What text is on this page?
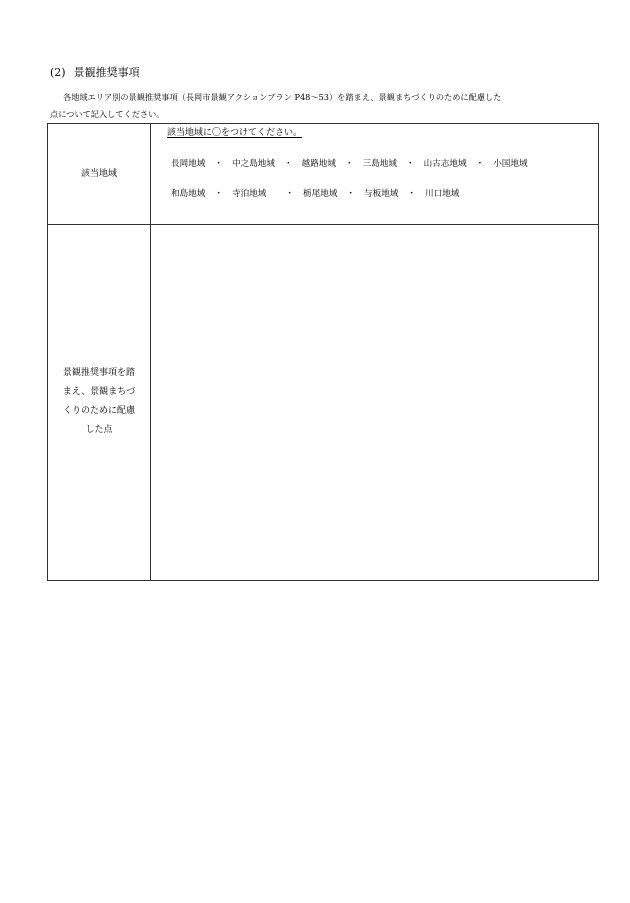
(2) 景観推奨事項
各地域エリア別の景観推奨事項（長岡市景観アクションプラン P48〜53）を踏まえ、景観まちづくりのために配慮した
点について記入してください。
該当地域
該当地域に〇をつけてください。
長岡地域 ・ 中之島地域 ・ 越路地域 ・ 三島地域 ・ 山古志地域 ・ 小国地域
和島地域 ・ 寺泊地域 ・ 栃尾地域 ・ 与板地域 ・ 川口地域
景観推奨事項を踏
まえ、景観まちづ
くりのために配慮
した点
